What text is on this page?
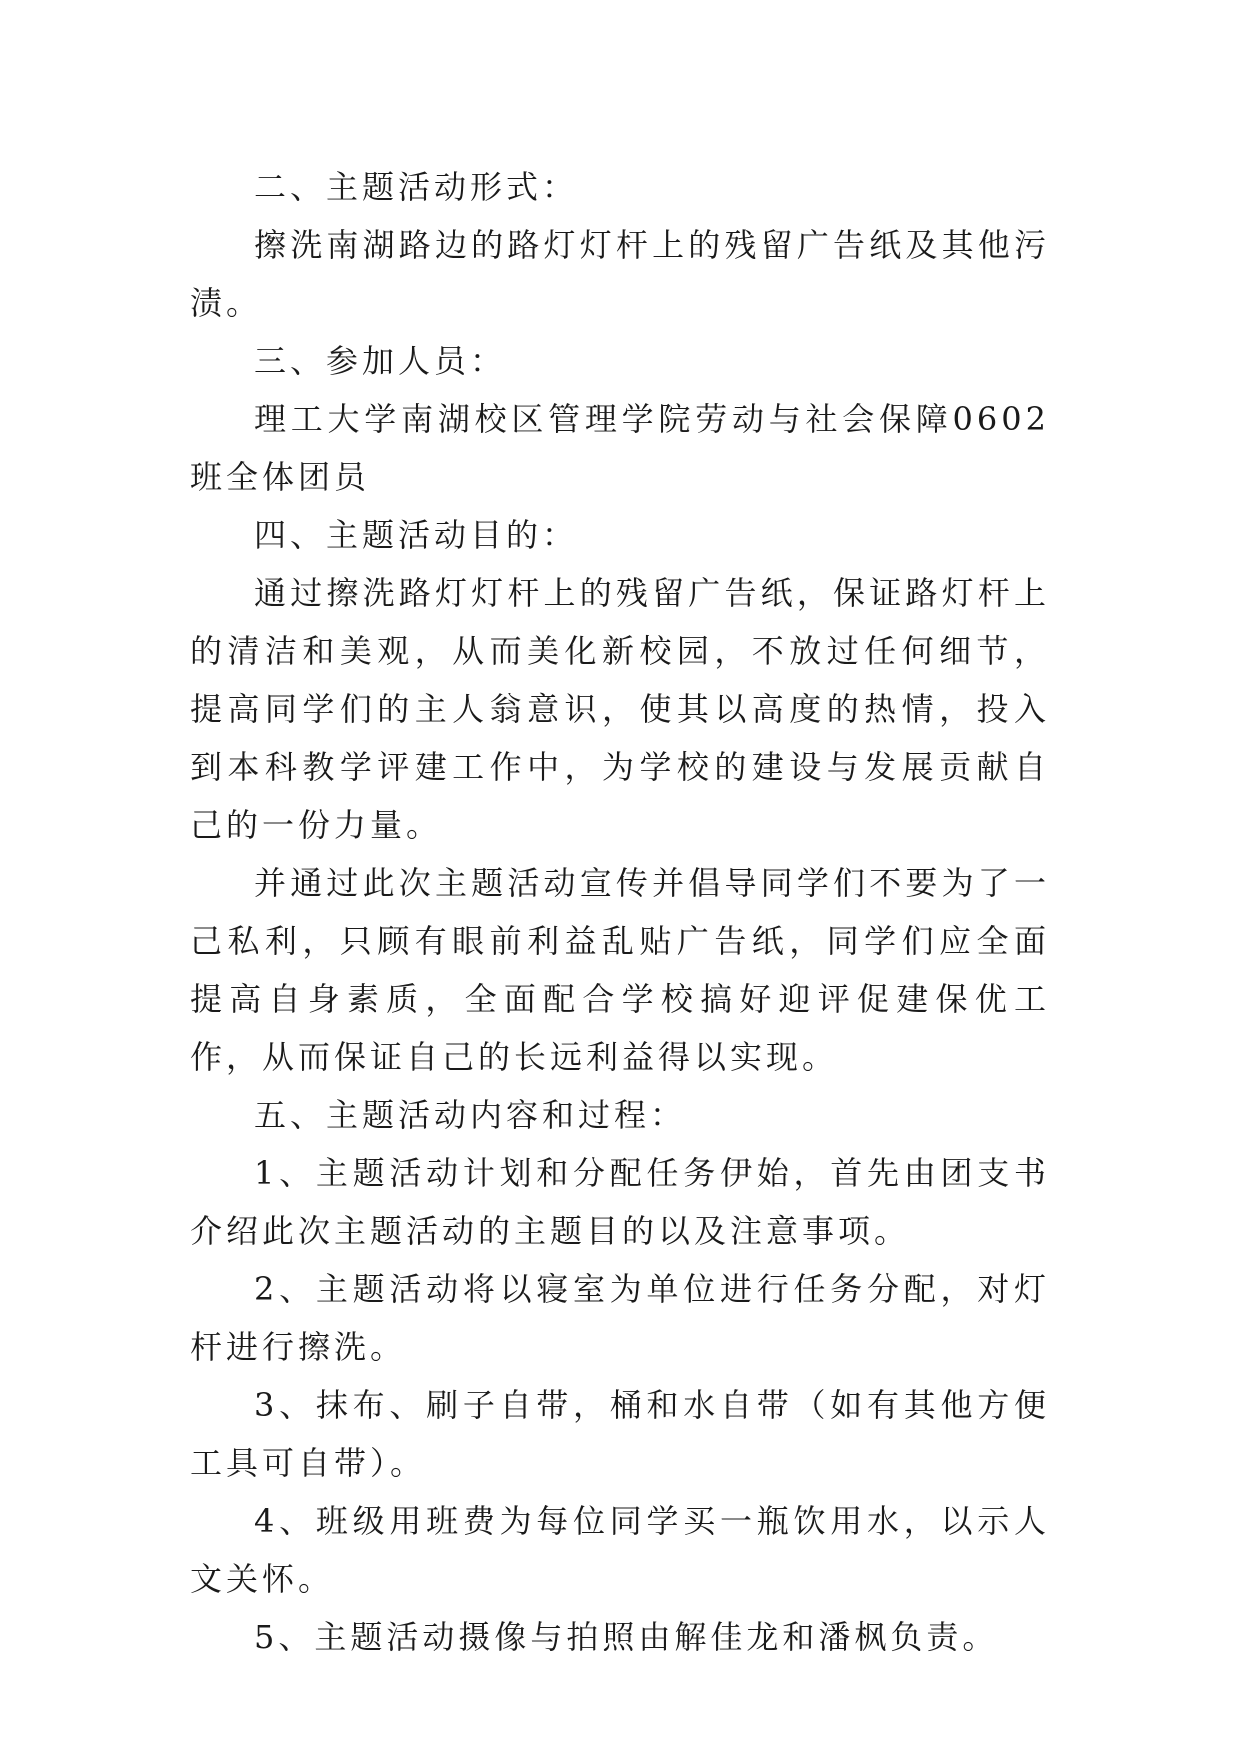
二、主题活动形式：

擦洗南湖路边的路灯灯杆上的残留广告纸及其他污渍。

三、参加人员：

理工大学南湖校区管理学院劳动与社会保障0602班全体团员

四、主题活动目的：

通过擦洗路灯灯杆上的残留广告纸，保证路灯杆上的清洁和美观，从而美化新校园，不放过任何细节，提高同学们的主人翁意识，使其以高度的热情，投入到本科教学评建工作中，为学校的建设与发展贡献自己的一份力量。

并通过此次主题活动宣传并倡导同学们不要为了一己私利，只顾有眼前利益乱贴广告纸，同学们应全面提高自身素质，全面配合学校搞好迎评促建保优工作，从而保证自己的长远利益得以实现。

五、主题活动内容和过程：

1、主题活动计划和分配任务伊始，首先由团支书介绍此次主题活动的主题目的以及注意事项。

2、主题活动将以寝室为单位进行任务分配，对灯杆进行擦洗。

3、抹布、刷子自带，桶和水自带（如有其他方便工具可自带）。

4、班级用班费为每位同学买一瓶饮用水，以示人文关怀。

5、主题活动摄像与拍照由解佳龙和潘枫负责。
